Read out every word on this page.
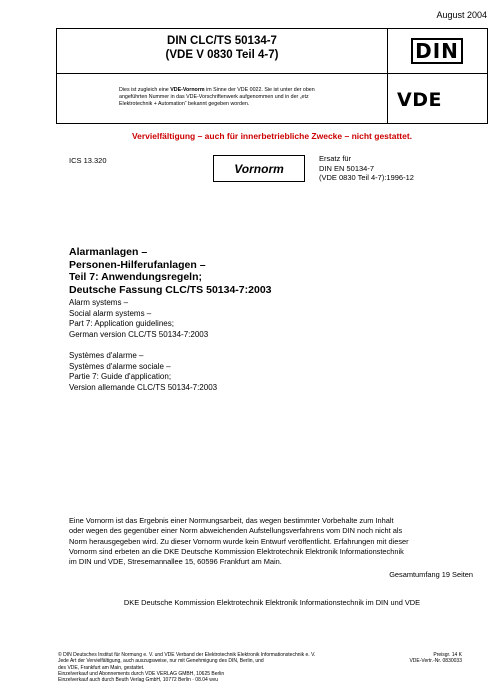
August 2004
DIN CLC/TS 50134-7
(VDE V 0830 Teil 4-7)	DIN
Dies ist zugleich eine VDE-Vornorm im Sinne der VDE 0022. Sie ist unter der oben
angeführten Nummer in das VDE-Vorschriftenwerk aufgenommen und in der „etz
Elektrotechnik + Automation“ bekannt gegeben worden.	VDE
Vervielfältigung – auch für innerbetriebliche Zwecke – nicht gestattet.
ICS 13.320
Vornorm
Ersatz für
DIN EN 50134-7
(VDE 0830 Teil 4-7):1996-12
Alarmanlagen –
Personen-Hilferufanlagen –
Teil 7: Anwendungsregeln;
Deutsche Fassung CLC/TS 50134-7:2003
Alarm systems –
Social alarm systems –
Part 7: Application guidelines;
German version CLC/TS 50134-7:2003
Systèmes d'alarme –
Systèmes d'alarme sociale –
Partie 7: Guide d'application;
Version allemande CLC/TS 50134-7:2003
Eine Vornorm ist das Ergebnis einer Normungsarbeit, das wegen bestimmter Vorbehalte zum Inhalt
oder wegen des gegenüber einer Norm abweichenden Aufstellungsverfahrens vom DIN noch nicht als
Norm herausgegeben wird. Zu dieser Vornorm wurde kein Entwurf veröffentlicht. Erfahrungen mit dieser
Vornorm sind erbeten an die DKE Deutsche Kommission Elektrotechnik Elektronik Informationstechnik
im DIN und VDE, Stresemannallee 15, 60596 Frankfurt am Main.
Gesamtumfang 19 Seiten
DKE Deutsche Kommission Elektrotechnik Elektronik Informationstechnik im DIN und VDE
© DIN Deutsches Institut für Normung e. V. und VDE Verband der Elektrotechnik Elektronik Informationstechnik e. V.
Jede Art der Vervielfältigung, auch auszugsweise, nur mit Genehmigung des DIN, Berlin, und
des VDE, Frankfurt am Main, gestattet.
Einzelverkauf und Abonnements durch VDE VERLAG GMBH, 10625 Berlin
Einzelverkauf auch durch Beuth Verlag GmbH, 10772 Berlin · 08.04 wvu
Preisgr. 14 K
VDE-Vertr.-Nr. 0830033
